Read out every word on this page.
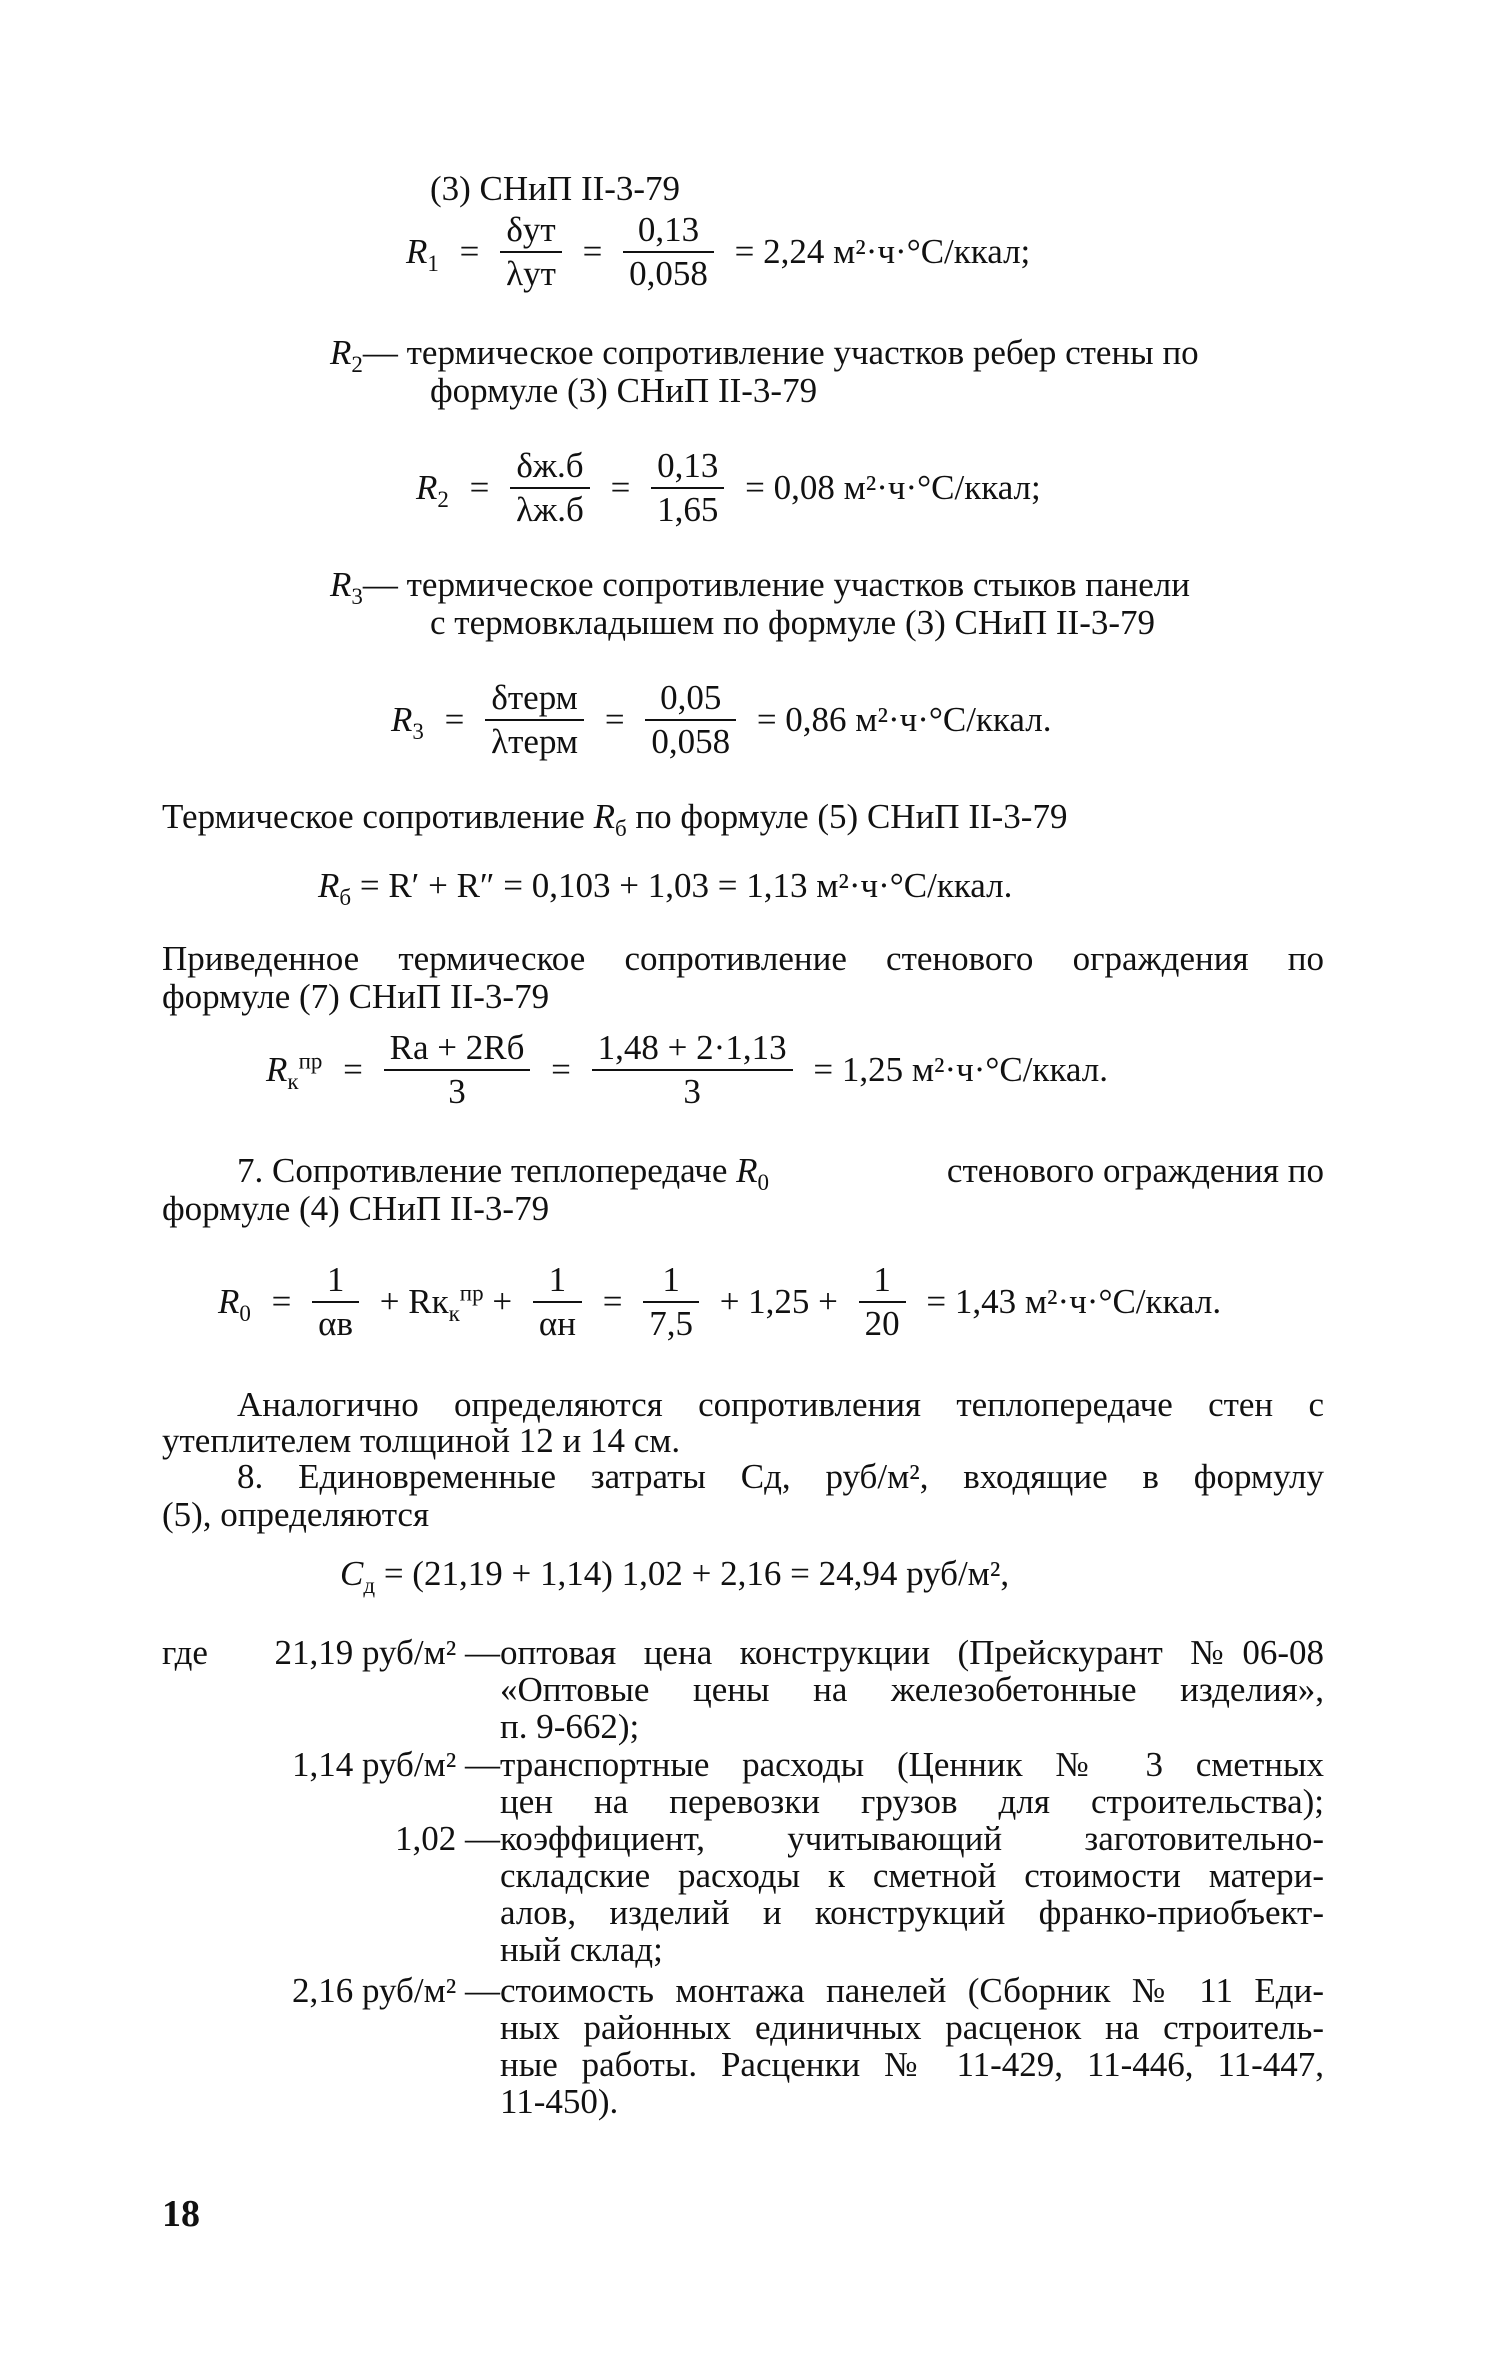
(3) СНиП II-3-79
$R_1 = \frac{\text{δут}}{\text{λут}} = \frac{0,13}{0,058} = 2,24$ м²·ч·°С/ккал;
$R_2—$ термическое сопротивление участков ребер стены по
формуле (3) СНиП II-3-79
$R_2 = \frac{\delta ж.б}{\lambda ж.б} = \frac{0,13}{1,65} = 0,08$ м²·ч·°С/ккал;
$R_3—$ термическое сопротивление участков стыков панели
с термовкладышем по формуле (3) СНиП II-3-79
$R_3 = \frac{\text{δтерм}}{\text{λтерм}} = \frac{0,05}{0,058} = 0,86$ м²·ч·°С/ккал.
Термическое сопротивление $R_б$ по формуле (5) СНиП II-3-79
$R_б = R' + R'' = 0,103 + 1,03 = 1,13$ м²·ч·°С/ккал.
Приведенное термическое сопротивление стенового ограждения по
формуле (7) СНиП II-3-79
$R_к^{пр} = \frac{Rа + 2Rб}{3} = \frac{1,48 + 2\cdot 1,13}{3} = 1,25$ м²·ч·°С/ккал.
7. Сопротивление теплопередаче $R_0$	стенового ограждения по
формуле (4) СНиП II-3-79
$R_0 = \frac{1}{\alpha в} + Rк_к^{пр} + \frac{1}{\alpha н} = \frac{1}{7,5} + 1,25 + \frac{1}{20} = 1,43$ м²·ч·°С/ккал.
Аналогично определяются сопротивления теплопередаче стен с
утеплителем толщиной 12 и 14 см.
8. Единовременные затраты Сд, руб/м², входящие в формулу
(5), определяются
$С_д = (21,19 + 1,14) 1,02 + 2,16 = 24,94$ руб/м²,
где	21,19 руб/м² — оптовая цена конструкции (Прейскурант №06-08
«Оптовые цены на железобетонные изделия»,
п. 9-662);
1,14 руб/м² — транспортные расходы (Ценник № 3 сметных
цен на перевозки грузов для строительства);
1,02 — коэффициент, учитывающий заготовительно-
складские расходы к сметной стоимости матери-
алов, изделий и конструкций франко-приобъект-
ный склад;
2,16 руб/м² — стоимость монтажа панелей (Сборник № 11 Еди-
ных районных единичных расценок на строитель-
ные работы. Расценки № 11-429, 11-446, 11-447,
11-450).
18
